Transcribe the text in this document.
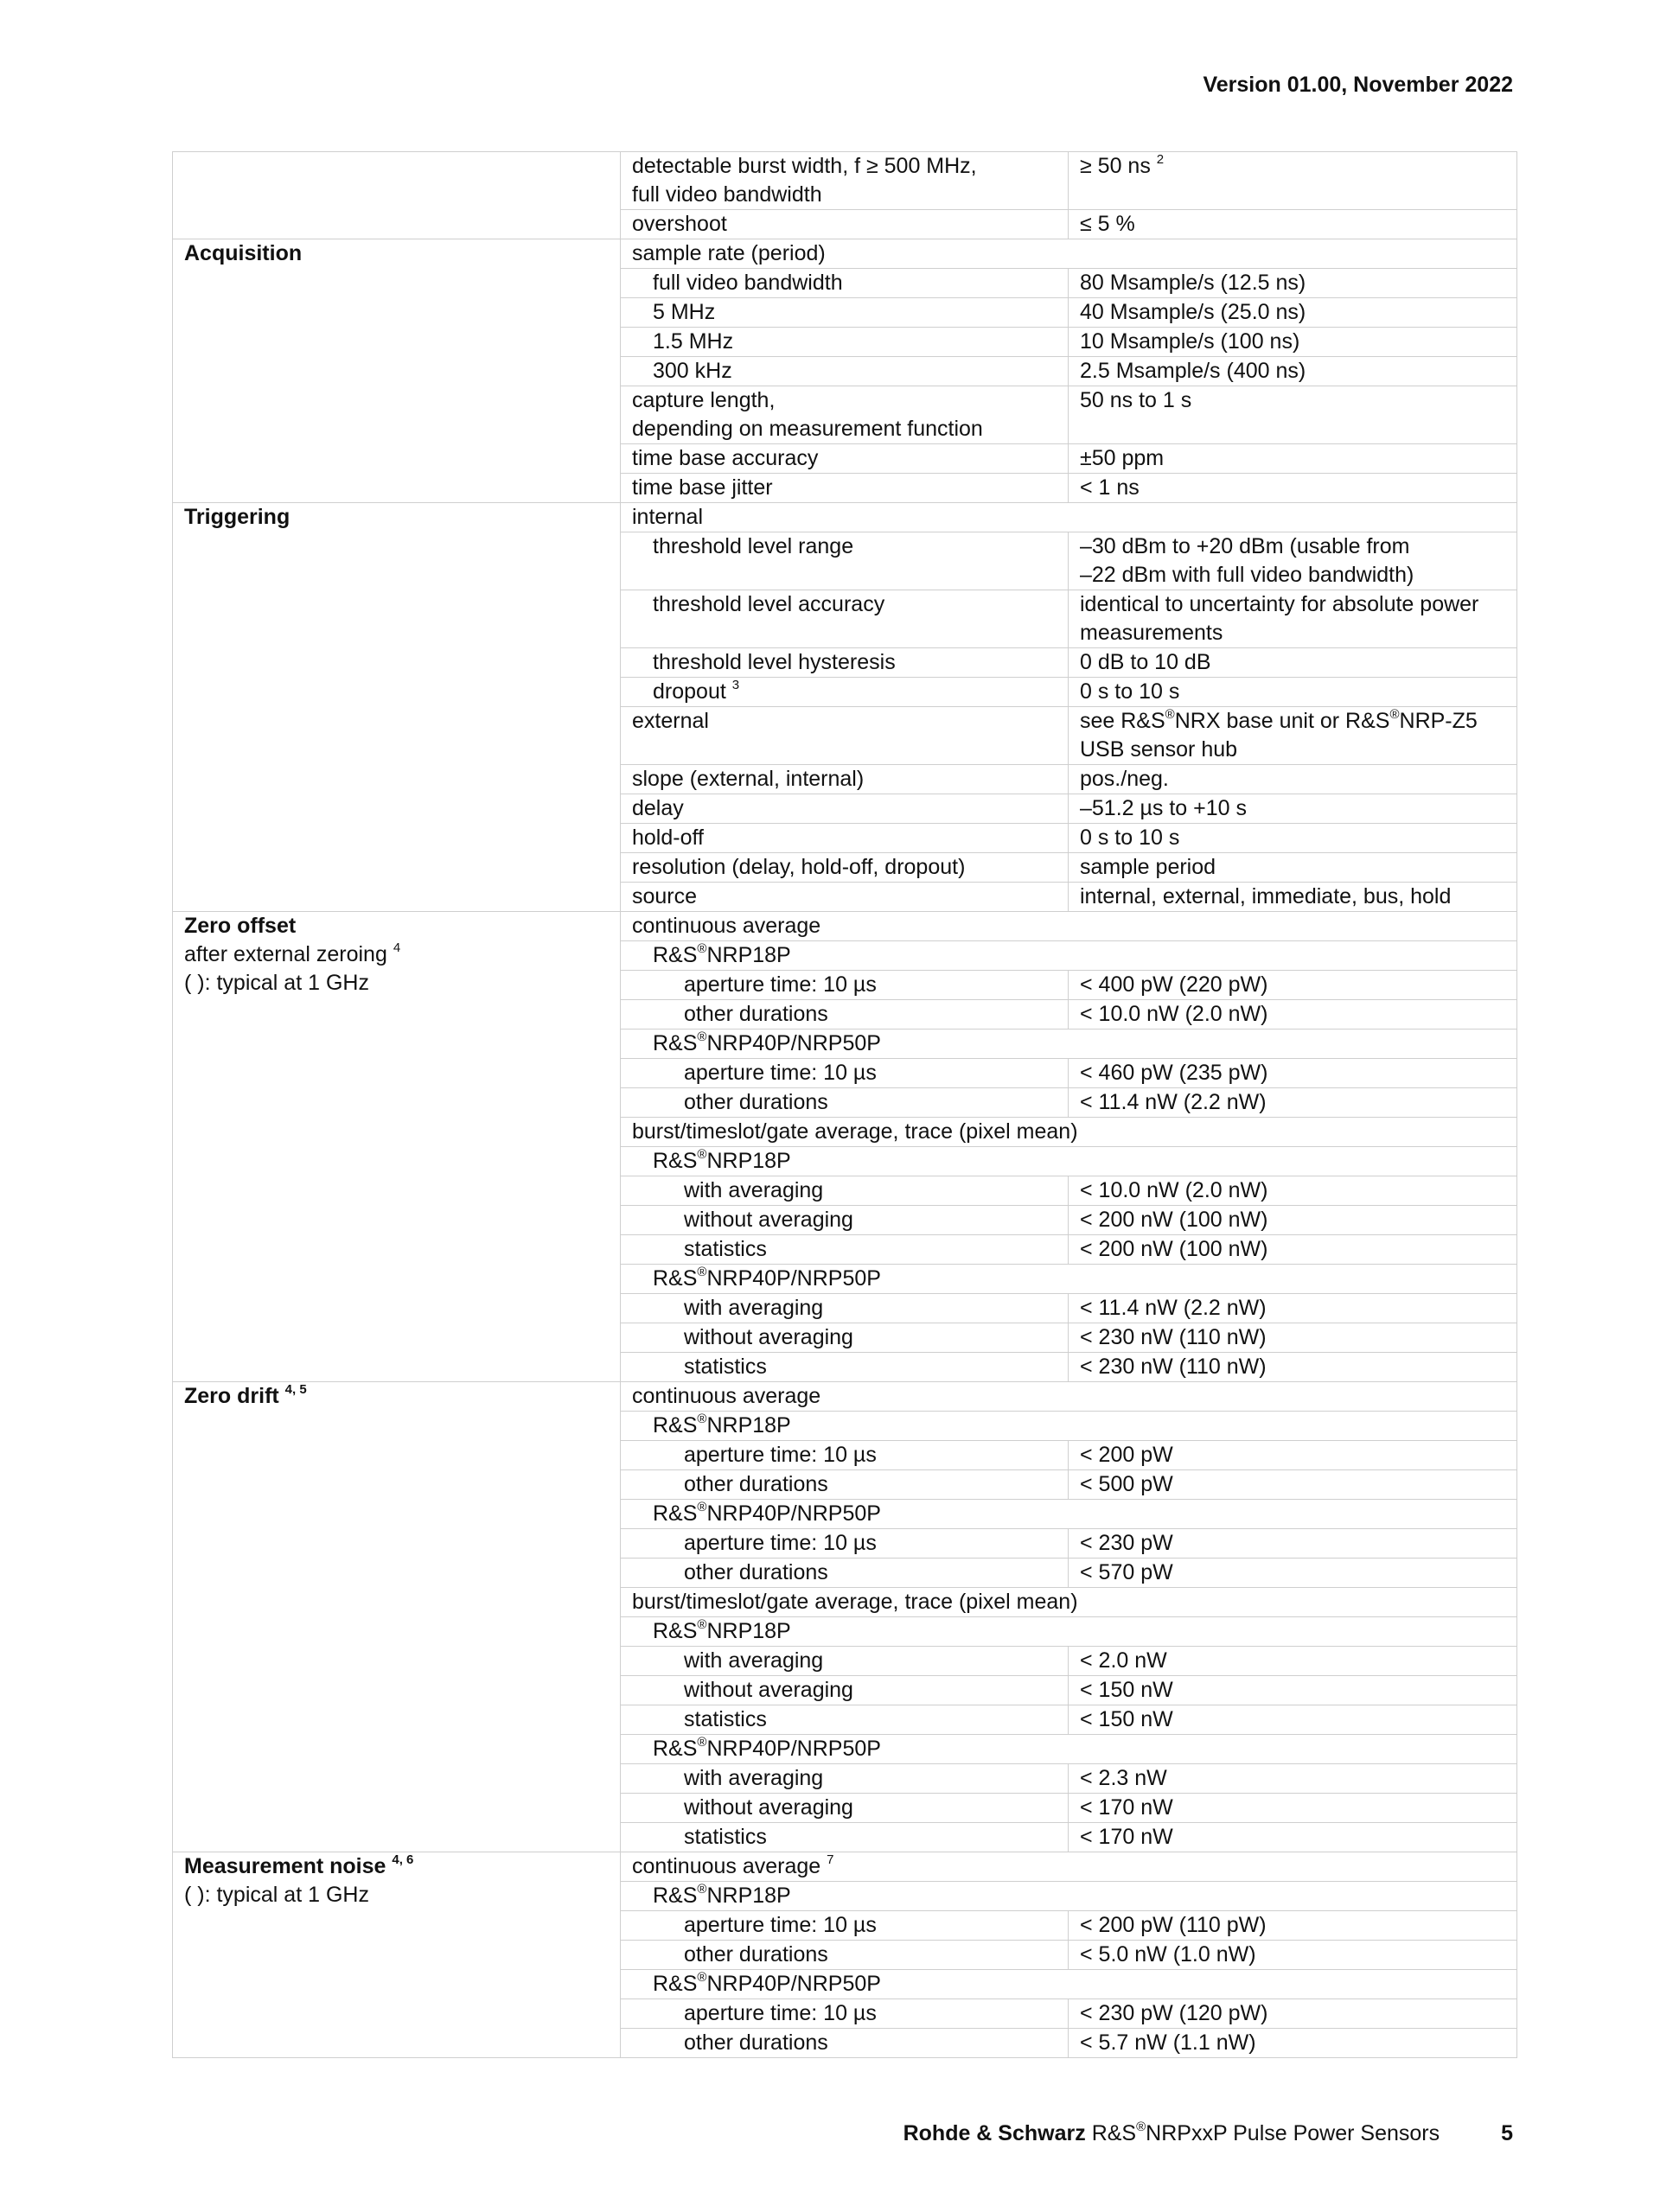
Version 01.00, November 2022

	detectable burst width, f ≥ 500 MHz,
full video bandwidth	≥ 50 ns $^2$

	overshoot	≤ 5 %

Acquisition	sample rate (period)	

	full video bandwidth	80 Msample/s (12.5 ns)

	5 MHz	40 Msample/s (25.0 ns)

	1.5 MHz	10 Msample/s (100 ns)

	300 kHz	2.5 Msample/s (400 ns)

	capture length,
depending on measurement function	50 ns to 1 s

	time base accuracy	±50 ppm

	time base jitter	< 1 ns

Triggering	internal	

	threshold level range	–30 dBm to +20 dBm (usable from
–22 dBm with full video bandwidth)

	threshold level accuracy	identical to uncertainty for absolute power
measurements

	threshold level hysteresis	0 dB to 10 dB

	dropout $^3$	0 s to 10 s

	external	see R&S®NRX base unit or R&S®NRP-Z5
USB sensor hub

	slope (external, internal)	pos./neg.

	delay	–51.2 µs to +10 s

	hold-off	0 s to 10 s

	resolution (delay, hold-off, dropout)	sample period

	source	internal, external, immediate, bus, hold

Zero offset
after external zeroing $^4$
( ): typical at 1 GHz	continuous average	

	R&S®NRP18P	

	aperture time: 10 µs	< 400 pW (220 pW)

	other durations	< 10.0 nW (2.0 nW)

	R&S®NRP40P/NRP50P	

	aperture time: 10 µs	< 460 pW (235 pW)

	other durations	< 11.4 nW (2.2 nW)

	burst/timeslot/gate average, trace (pixel mean)	

	R&S®NRP18P	

	with averaging	< 10.0 nW (2.0 nW)

	without averaging	< 200 nW (100 nW)

	statistics	< 200 nW (100 nW)

	R&S®NRP40P/NRP50P	

	with averaging	< 11.4 nW (2.2 nW)

	without averaging	< 230 nW (110 nW)

	statistics	< 230 nW (110 nW)

Zero drift $^{4, 5}$	continuous average	

	R&S®NRP18P	

	aperture time: 10 µs	< 200 pW

	other durations	< 500 pW

	R&S®NRP40P/NRP50P	

	aperture time: 10 µs	< 230 pW

	other durations	< 570 pW

	burst/timeslot/gate average, trace (pixel mean)	

	R&S®NRP18P	

	with averaging	< 2.0 nW

	without averaging	< 150 nW

	statistics	< 150 nW

	R&S®NRP40P/NRP50P	

	with averaging	< 2.3 nW

	without averaging	< 170 nW

	statistics	< 170 nW

Measurement noise $^{4, 6}$
( ): typical at 1 GHz	continuous average $^7$

	R&S®NRP18P	

	aperture time: 10 µs	< 200 pW (110 pW)

	other durations	< 5.0 nW (1.0 nW)

	R&S®NRP40P/NRP50P	

	aperture time: 10 µs	< 230 pW (120 pW)

	other durations	< 5.7 nW (1.1 nW)
Rohde & Schwarz R&S®NRPxxP Pulse Power Sensors	5
